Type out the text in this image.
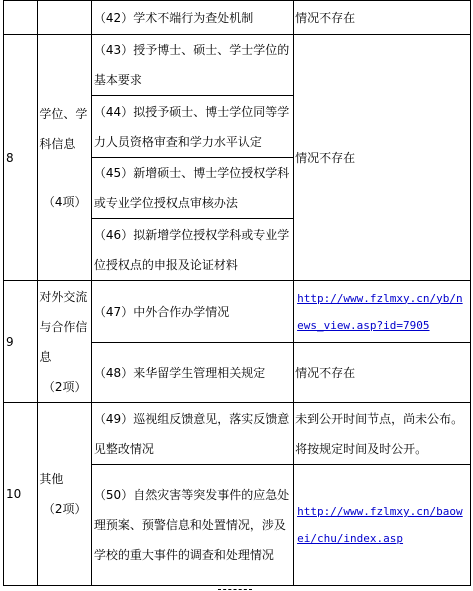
		（42）学术不端行为查处机制	情况不存在
8	学位、学
科信息
（4项）	（43）授予博士、硕士、学士学位的基本要求	情况不存在
		（44）拟授予硕士、博士学位同等学力人员资格审查和学力水平认定	
		（45）新增硕士、博士学位授权学科或专业学位授权点审核办法	
		（46）拟新增学位授权学科或专业学位授权点的申报及论证材料	
9	对外交流
与合作信
息
（2项）	（47）中外合作办学情况	http://www.fzlmxy.cn/yb/news_view.asp?id=7905
		（48）来华留学生管理相关规定	情况不存在
10	其他
（2项）	（49）巡视组反馈意见，落实反馈意见整改情况	未到公开时间节点，尚未公布。将按规定时间及时公开。
		（50）自然灾害等突发事件的应急处理预案、预警信息和处置情况，涉及学校的重大事件的调查和处理情况	http://www.fzlmxy.cn/baowei/chu/index.asp
